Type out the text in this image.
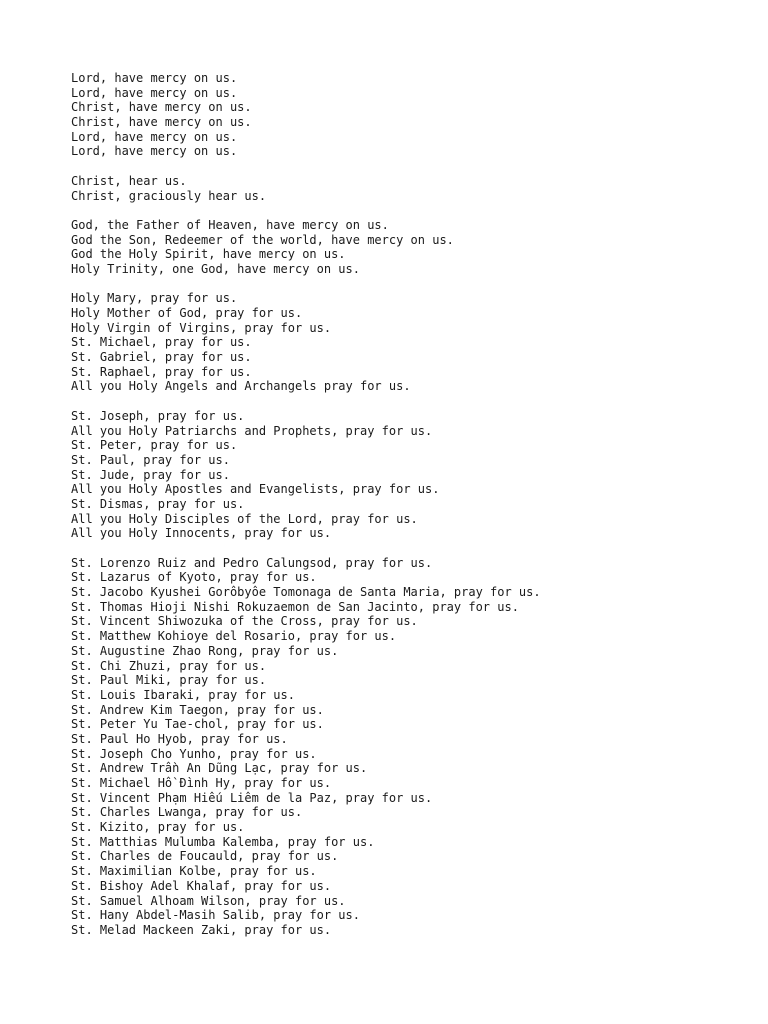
Lord, have mercy on us.
Lord, have mercy on us.
Christ, have mercy on us.
Christ, have mercy on us.
Lord, have mercy on us.
Lord, have mercy on us.
Christ, hear us.
Christ, graciously hear us.
God, the Father of Heaven, have mercy on us.
God the Son, Redeemer of the world, have mercy on us.
God the Holy Spirit, have mercy on us.
Holy Trinity, one God, have mercy on us.
Holy Mary, pray for us.
Holy Mother of God, pray for us.
Holy Virgin of Virgins, pray for us.
St. Michael, pray for us.
St. Gabriel, pray for us.
St. Raphael, pray for us.
All you Holy Angels and Archangels pray for us.
St. Joseph, pray for us.
All you Holy Patriarchs and Prophets, pray for us.
St. Peter, pray for us.
St. Paul, pray for us.
St. Jude, pray for us.
All you Holy Apostles and Evangelists, pray for us.
St. Dismas, pray for us.
All you Holy Disciples of the Lord, pray for us.
All you Holy Innocents, pray for us.
St. Lorenzo Ruiz and Pedro Calungsod, pray for us.
St. Lazarus of Kyoto, pray for us.
St. Jacobo Kyushei Gorôbyôe Tomonaga de Santa Maria, pray for us.
St. Thomas Hioji Nishi Rokuzaemon de San Jacinto, pray for us.
St. Vincent Shiwozuka of the Cross, pray for us.
St. Matthew Kohioye del Rosario, pray for us.
St. Augustine Zhao Rong, pray for us.
St. Chi Zhuzi, pray for us.
St. Paul Miki, pray for us.
St. Louis Ibaraki, pray for us.
St. Andrew Kim Taegon, pray for us.
St. Peter Yu Tae-chol, pray for us.
St. Paul Ho Hyob, pray for us.
St. Joseph Cho Yunho, pray for us.
St. Andrew Trần An Dũng Lạc, pray for us.
St. Michael Hồ Đình Hy, pray for us.
St. Vincent Phạm Hiếu Liêm de la Paz, pray for us.
St. Charles Lwanga, pray for us.
St. Kizito, pray for us.
St. Matthias Mulumba Kalemba, pray for us.
St. Charles de Foucauld, pray for us.
St. Maximilian Kolbe, pray for us.
St. Bishoy Adel Khalaf, pray for us.
St. Samuel Alhoam Wilson, pray for us.
St. Hany Abdel-Masih Salib, pray for us.
St. Melad Mackeen Zaki, pray for us.
